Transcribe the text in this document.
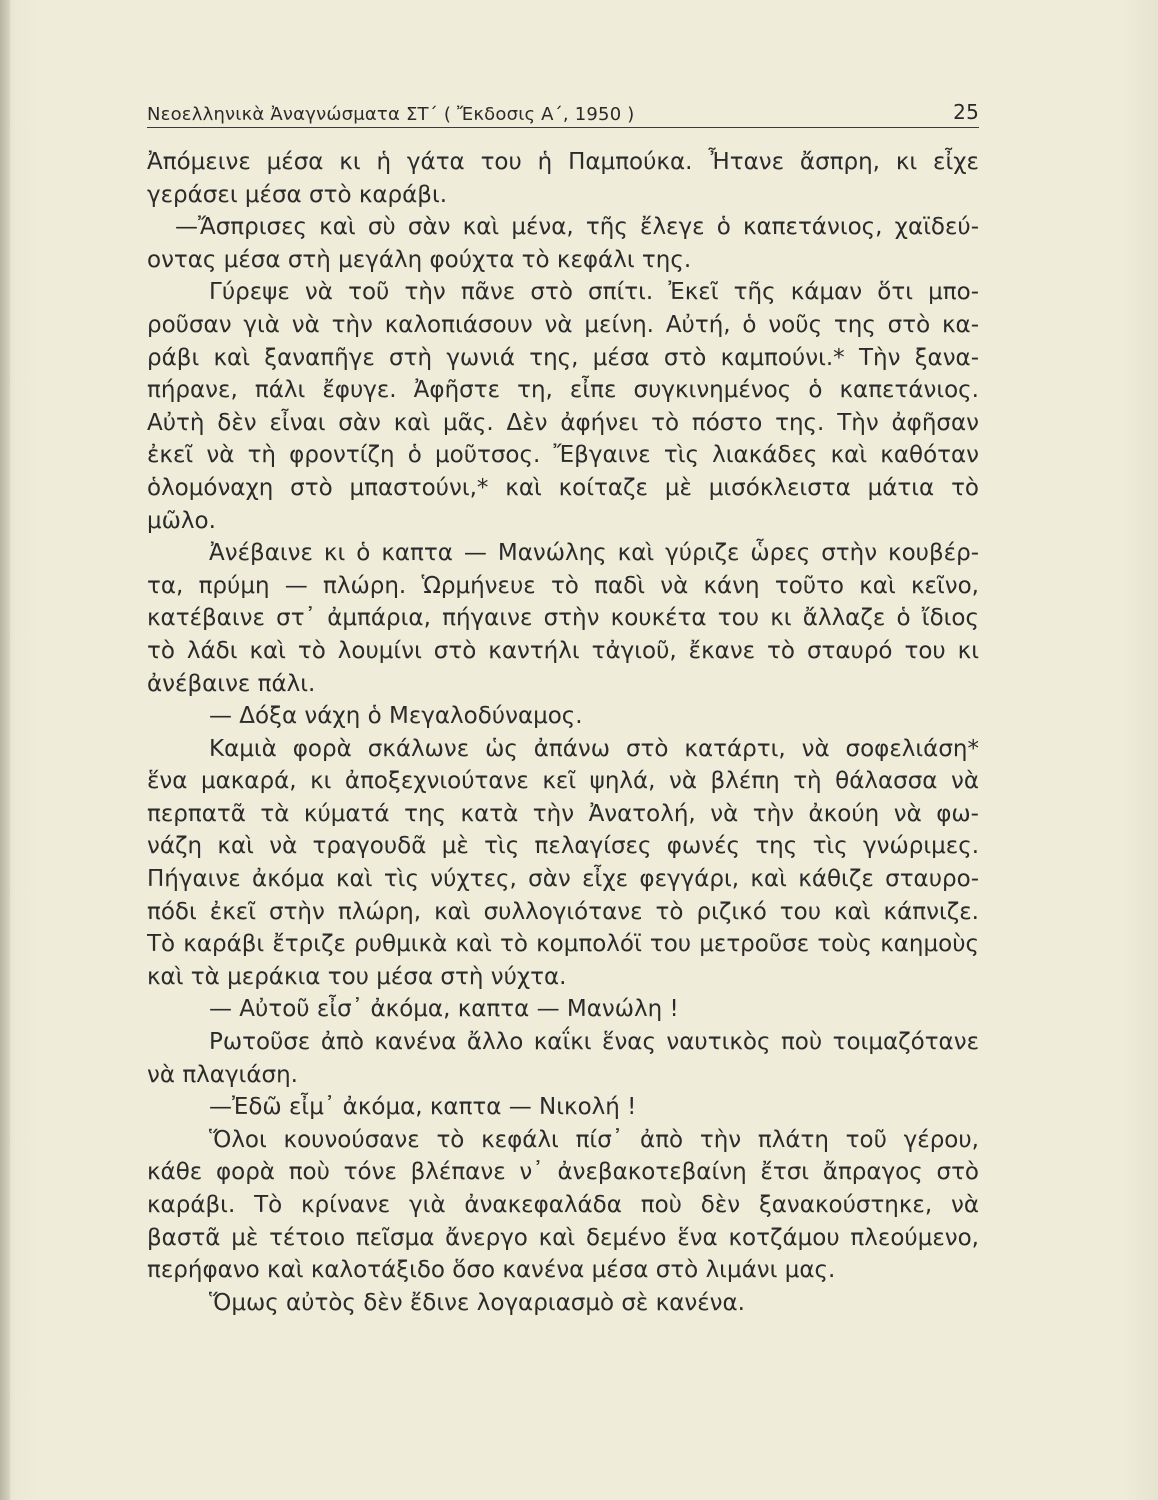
Νεοελληνικὰ Ἀναγνώσματα ΣΤ΄ ( Ἔκδοσις Α΄, 1950 )	25
Ἀπόμεινε μέσα κι ἡ γάτα του ἡ Παμπούκα. Ἦτανε ἄσπρη, κι εἶχε
γεράσει μέσα στὸ καράβι.
—Ἄσπρισες καὶ σὺ σὰν καὶ μένα, τῆς ἔλεγε ὁ καπετάνιος, χαϊδεύ-
οντας μέσα στὴ μεγάλη φούχτα τὸ κεφάλι της.
Γύρεψε νὰ τοῦ τὴν πᾶνε στὸ σπίτι. Ἐκεῖ τῆς κάμαν ὅτι μπο-
ροῦσαν γιὰ νὰ τὴν καλοπιάσουν νὰ μείνη. Αὐτή, ὁ νοῦς της στὸ κα-
ράβι καὶ ξαναπῆγε στὴ γωνιά της, μέσα στὸ καμπούνι.* Τὴν ξανα-
πήρανε, πάλι ἔφυγε. Ἀφῆστε τη, εἶπε συγκινημένος ὁ καπετάνιος.
Αὐτὴ δὲν εἶναι σὰν καὶ μᾶς. Δὲν ἀφήνει τὸ πόστο της. Τὴν ἀφῆσαν
ἐκεῖ νὰ τὴ φροντίζη ὁ μοῦτσος. Ἔβγαινε τὶς λιακάδες καὶ καθόταν
ὁλομόναχη στὸ μπαστούνι,* καὶ κοίταζε μὲ μισόκλειστα μάτια τὸ
μῶλο.
Ἀνέβαινε κι ὁ καπτα — Μανώλης καὶ γύριζε ὧρες στὴν κουβέρ-
τα, πρύμη — πλώρη. Ὡρμήνευε τὸ παδὶ νὰ κάνη τοῦτο καὶ κεῖνο,
κατέβαινε στ᾽ ἀμπάρια, πήγαινε στὴν κουκέτα του κι ἄλλαζε ὁ ἴδιος
τὸ λάδι καὶ τὸ λουμίνι στὸ καντήλι τἀγιοῦ, ἔκανε τὸ σταυρό του κι
ἀνέβαινε πάλι.
— Δόξα νάχη ὁ Μεγαλοδύναμος.
Καμιὰ φορὰ σκάλωνε ὡς ἀπάνω στὸ κατάρτι, νὰ σοφελιάση*
ἕνα μακαρά, κι ἀποξεχνιούτανε κεῖ ψηλά, νὰ βλέπη τὴ θάλασσα νὰ
περπατᾶ τὰ κύματά της κατὰ τὴν Ἀνατολή, νὰ τὴν ἀκούη νὰ φω-
νάζη καὶ νὰ τραγουδᾶ μὲ τὶς πελαγίσες φωνές της τὶς γνώριμες.
Πήγαινε ἀκόμα καὶ τὶς νύχτες, σὰν εἶχε φεγγάρι, καὶ κάθιζε σταυρο-
πόδι ἐκεῖ στὴν πλώρη, καὶ συλλογιότανε τὸ ριζικό του καὶ κάπνιζε.
Τὸ καράβι ἔτριζε ρυθμικὰ καὶ τὸ κομπολόϊ του μετροῦσε τοὺς καημοὺς
καὶ τὰ μεράκια του μέσα στὴ νύχτα.
— Αὐτοῦ εἶσ᾽ ἀκόμα, καπτα — Μανώλη !
Ρωτοῦσε ἀπὸ κανένα ἄλλο καΐκι ἕνας ναυτικὸς ποὺ τοιμαζότανε
νὰ πλαγιάση.
—Ἐδῶ εἶμ᾽ ἀκόμα, καπτα — Νικολή !
Ὅλοι κουνούσανε τὸ κεφάλι πίσ᾽ ἀπὸ τὴν πλάτη τοῦ γέρου,
κάθε φορὰ ποὺ τόνε βλέπανε ν᾽ ἀνεβακοτεβαίνη ἔτσι ἄπραγος στὸ
καράβι. Τὸ κρίνανε γιὰ ἀνακεφαλάδα ποὺ δὲν ξανακούστηκε, νὰ
βαστᾶ μὲ τέτοιο πεῖσμα ἄνεργο καὶ δεμένο ἕνα κοτζάμου πλεούμενο,
περήφανο καὶ καλοτάξιδο ὅσο κανένα μέσα στὸ λιμάνι μας.
Ὅμως αὐτὸς δὲν ἔδινε λογαριασμὸ σὲ κανένα.
